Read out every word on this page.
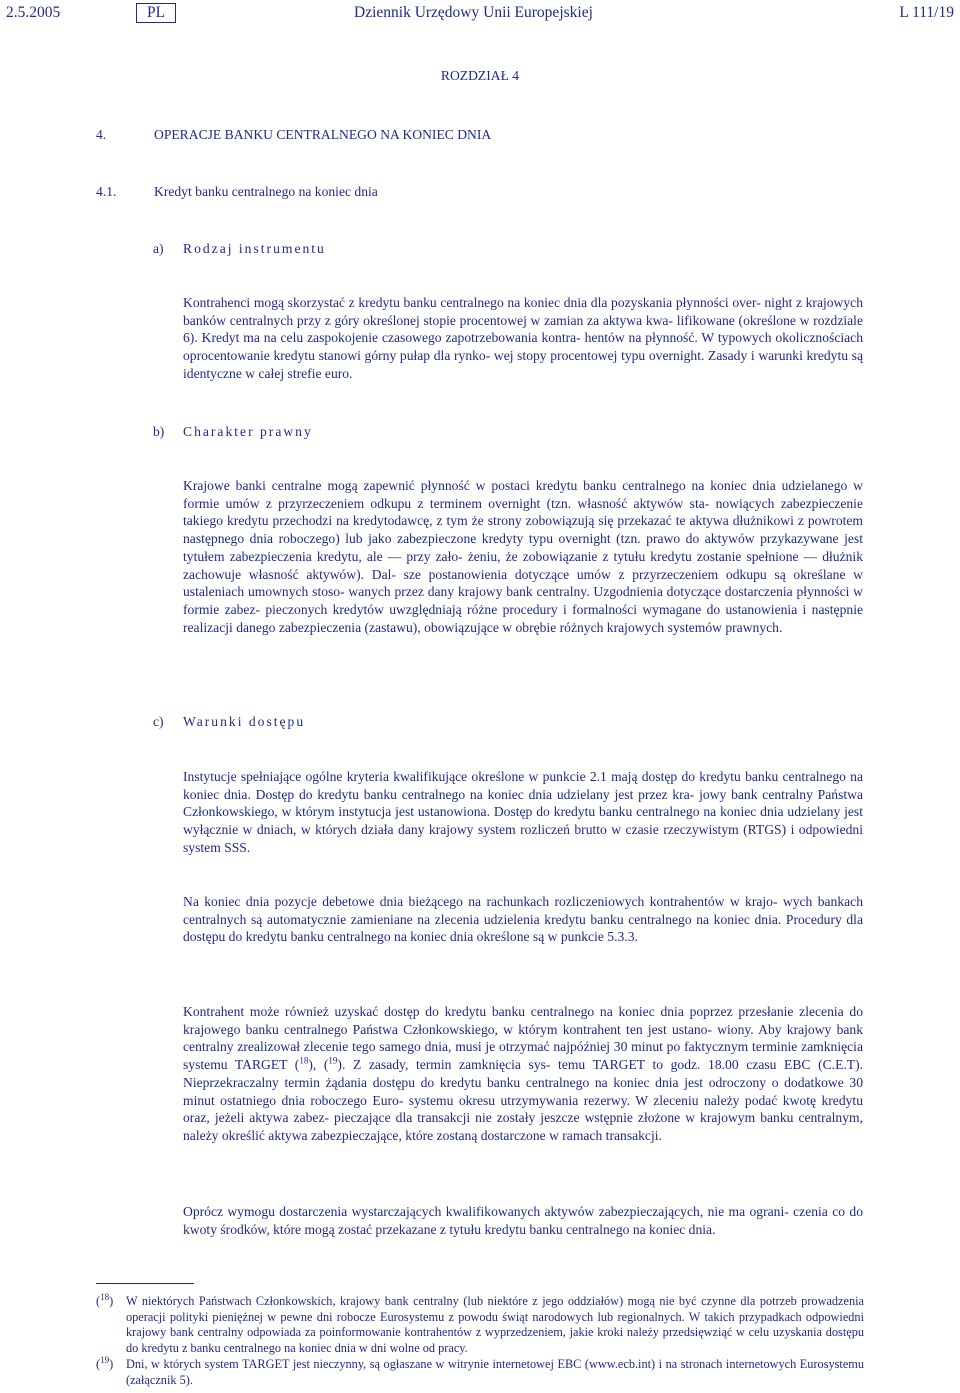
2.5.2005	PL	Dziennik Urzędowy Unii Europejskiej	L 111/19
ROZDZIAŁ 4
4.	OPERACJE BANKU CENTRALNEGO NA KONIEC DNIA
4.1.	Kredyt banku centralnego na koniec dnia
a) Rodzaj instrumentu

Kontrahenci mogą skorzystać z kredytu banku centralnego na koniec dnia dla pozyskania płynności over- night z krajowych banków centralnych przy z góry określonej stopie procentowej w zamian za aktywa kwa- lifikowane (określone w rozdziale 6). Kredyt ma na celu zaspokojenie czasowego zapotrzebowania kontra- hentów na płynność. W typowych okolicznościach oprocentowanie kredytu stanowi górny pułap dla rynko- wej stopy procentowej typu overnight. Zasady i warunki kredytu są identyczne w całej strefie euro.

b) Charakter prawny

Krajowe banki centralne mogą zapewnić płynność w postaci kredytu banku centralnego na koniec dnia udzielanego w formie umów z przyrzeczeniem odkupu z terminem overnight (tzn. własność aktywów sta- nowiących zabezpieczenie takiego kredytu przechodzi na kredytodawcę, z tym że strony zobowiązują się przekazać te aktywa dłużnikowi z powrotem następnego dnia roboczego) lub jako zabezpieczone kredyty typu overnight (tzn. prawo do aktywów przykazywane jest tytułem zabezpieczenia kredytu, ale — przy zało- żeniu, że zobowiązanie z tytułu kredytu zostanie spełnione — dłużnik zachowuje własność aktywów). Dal- sze postanowienia dotyczące umów z przyrzeczeniem odkupu są określane w ustaleniach umownych stoso- wanych przez dany krajowy bank centralny. Uzgodnienia dotyczące dostarczenia płynności w formie zabez- pieczonych kredytów uwzględniają różne procedury i formalności wymagane do ustanowienia i następnie realizacji danego zabezpieczenia (zastawu), obowiązujące w obrębie różnych krajowych systemów prawnych.

c) Warunki dostępu

Instytucje spełniające ogólne kryteria kwalifikujące określone w punkcie 2.1 mają dostęp do kredytu banku centralnego na koniec dnia. Dostęp do kredytu banku centralnego na koniec dnia udzielany jest przez kra- jowy bank centralny Państwa Członkowskiego, w którym instytucja jest ustanowiona. Dostęp do kredytu banku centralnego na koniec dnia udzielany jest wyłącznie w dniach, w których działa dany krajowy system rozliczeń brutto w czasie rzeczywistym (RTGS) i odpowiedni system SSS.

Na koniec dnia pozycje debetowe dnia bieżącego na rachunkach rozliczeniowych kontrahentów w krajo- wych bankach centralnych są automatycznie zamieniane na zlecenia udzielenia kredytu banku centralnego na koniec dnia. Procedury dla dostępu do kredytu banku centralnego na koniec dnia określone są w punkcie 5.3.3.

Kontrahent może również uzyskać dostęp do kredytu banku centralnego na koniec dnia poprzez przesłanie zlecenia do krajowego banku centralnego Państwa Członkowskiego, w którym kontrahent ten jest ustano- wiony. Aby krajowy bank centralny zrealizował zlecenie tego samego dnia, musi je otrzymać najpóźniej 30 minut po faktycznym terminie zamknięcia systemu TARGET ($^{18}$), ($^{19}$). Z zasady, termin zamknięcia sys- temu TARGET to godz. 18.00 czasu EBC (C.E.T). Nieprzekraczalny termin żądania dostępu do kredytu banku centralnego na koniec dnia jest odroczony o dodatkowe 30 minut ostatniego dnia roboczego Euro- systemu okresu utrzymywania rezerwy. W zleceniu należy podać kwotę kredytu oraz, jeżeli aktywa zabez- pieczające dla transakcji nie zostały jeszcze wstępnie złożone w krajowym banku centralnym, należy określić aktywa zabezpieczające, które zostaną dostarczone w ramach transakcji.

Oprócz wymogu dostarczenia wystarczających kwalifikowanych aktywów zabezpieczających, nie ma ograni- czenia co do kwoty środków, które mogą zostać przekazane z tytułu kredytu banku centralnego na koniec dnia.

($^{18}$) W niektórych Państwach Członkowskich, krajowy bank centralny (lub niektóre z jego oddziałów) mogą nie być czynne dla potrzeb prowadzenia operacji polityki pieniężnej w pewne dni robocze Eurosystemu z powodu świąt narodowych lub regionalnych. W takich przypadkach odpowiedni krajowy bank centralny odpowiada za poinformowanie kontrahentów z wyprzedzeniem, jakie kroki należy przedsięwziąć w celu uzyskania dostępu do kredytu z banku centralnego na koniec dnia w dni wolne od pracy.
($^{19}$) Dni, w których system TARGET jest nieczynny, są ogłaszane w witrynie internetowej EBC (www.ecb.int) i na stronach internetowych Eurosystemu (załącznik 5).
